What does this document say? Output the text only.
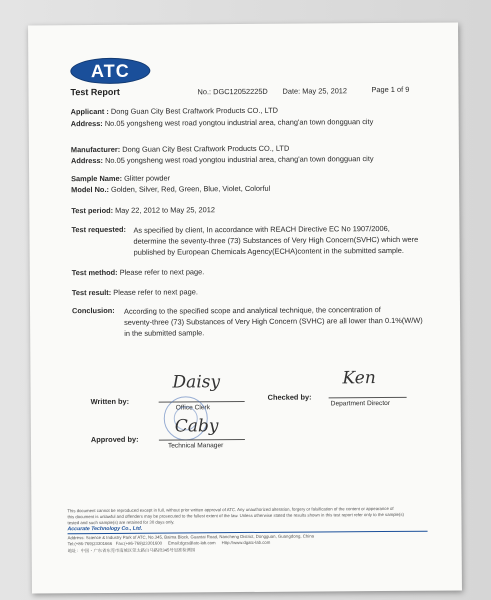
ATC
Test Report	No.: DGC12052225D Date: May 25, 2012	Page 1 of 9
Applicant : Dong Guan City Best Craftwork Products CO., LTD
Address: No.05 yongsheng west road yongtou industrial area, chang'an town dongguan city
Manufacturer: Dong Guan City Best Craftwork Products CO., LTD
Address: No.05 yongsheng west road yongtou industrial area, chang'an town dongguan city
Sample Name: Glitter powder
Model No.: Golden, Silver, Red, Green, Blue, Violet, Colorful
Test period: May 22, 2012 to May 25, 2012
Test requested: As specified by client, In accordance with REACH Directive EC No 1907/2006,
determine the seventy-three (73) Substances of Very High Concern(SVHC) which were
published by European Chemicals Agency(ECHA)content in the submitted sample.
Test method: Please refer to next page.
Test result: Please refer to next page.
Conclusion: According to the specified scope and analytical technique, the concentration of
seventy-three (73) Substances of Very High Concern (SVHC) are all lower than 0.1%(W/W)
in the submitted sample.
Written by:
Daisy
Office Clerk
Checked by:
Ken
Department Director
Approved by:
Caby
Technical Manager
This document cannot be reproduced except in full, without prior written approval of ATC. Any unauthorized alteration, forgery or falsification of the content or appearance of
this document is unlawful and offenders may be prosecuted to the fullest extent of the law. Unless otherwise stated the results shown in this test report refer only to the sample(s)
tested and such sample(s) are retained for 30 days only.
Accurate Technology Co., Ltd.
Address: Science & Industry Park of ATC, No.345, Baima Block, Guantai Road, Nancheng District, Dongguan, Guangdong, China
Tel:(+86-769)23301666 Fax:(+86-769)23301600 Email:dgcs@atc-lab.com Http://www.dgatc-lab.com
地址：中国・广东省东莞市南城区莞太路白马路段345号冠准检测园
